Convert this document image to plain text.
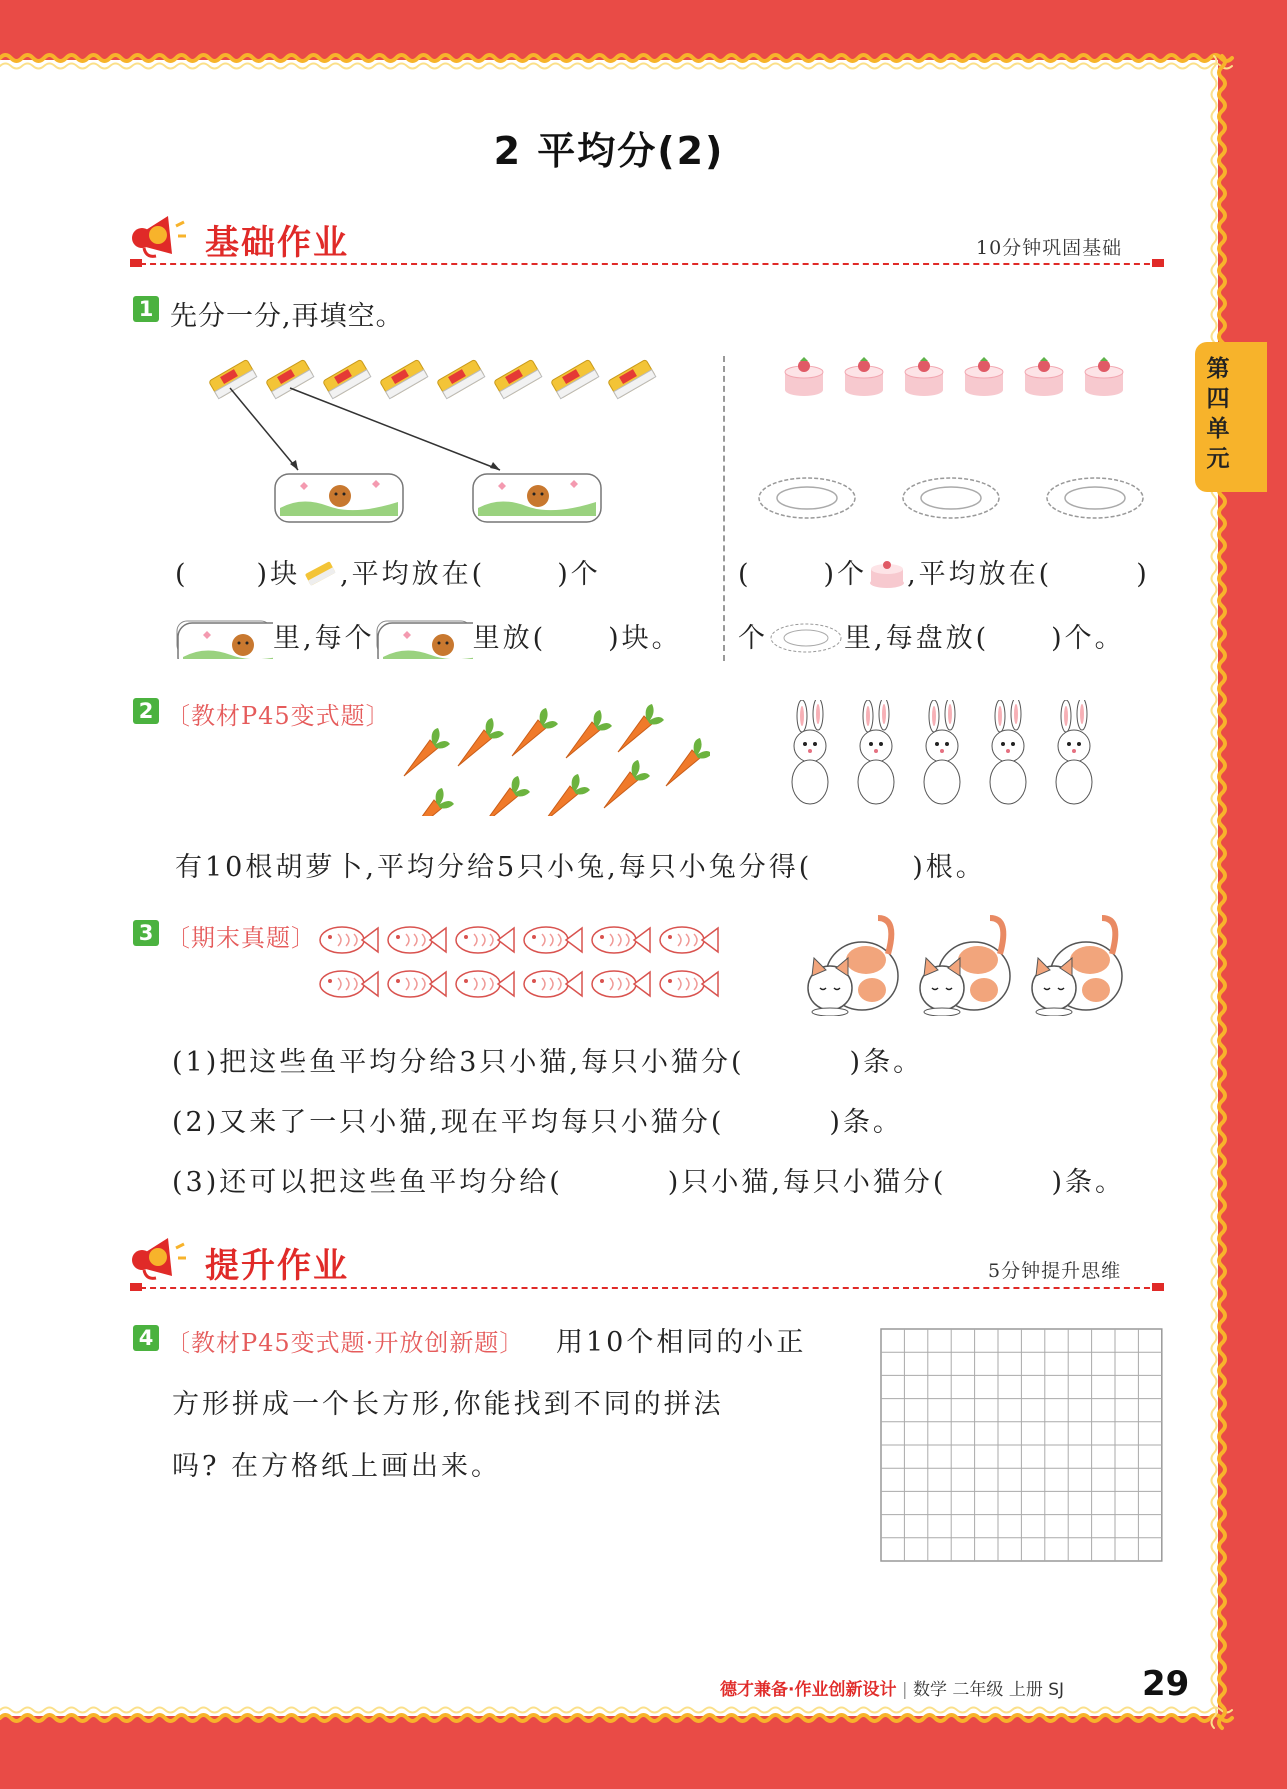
第四单元
2 平均分(2)
基础作业	10分钟巩固基础
1 先分一分,再填空。
(	)块 ,平均放在(	)个
里,每个	里放( )块。
(	)个 ,平均放在(	)
个	里,每盘放( )个。
2 〔教材P45变式题〕
有10根胡萝卜,平均分给5只小兔,每只小兔分得(	)根。
3 〔期末真题〕
(1)把这些鱼平均分给3只小猫,每只小猫分(	)条。
(2)又来了一只小猫,现在平均每只小猫分(	)条。
(3)还可以把这些鱼平均分给(	)只小猫,每只小猫分(	)条。
提升作业	5分钟提升思维
4 〔教材P45变式题·开放创新题〕 用10个相同的小正
方形拼成一个长方形,你能找到不同的拼法
吗? 在方格纸上画出来。
德才兼备·作业创新设计 | 数学 二年级 上册 SJ 29
